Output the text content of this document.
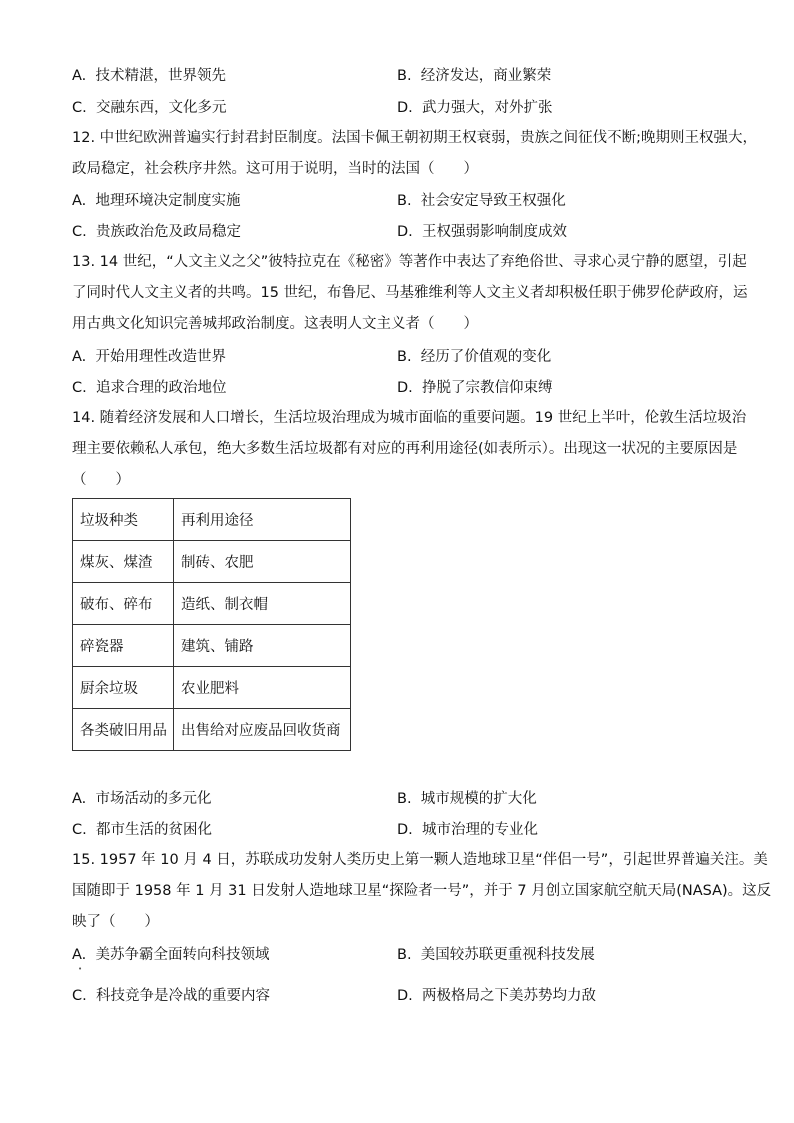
A. 技术精湛，世界领先	B. 经济发达，商业繁荣
C. 交融东西，文化多元	D. 武力强大，对外扩张
12. 中世纪欧洲普遍实行封君封臣制度。法国卡佩王朝初期王权衰弱，贵族之间征伐不断;晚期则王权强大，
政局稳定，社会秩序井然。这可用于说明，当时的法国（　　）
A. 地理环境决定制度实施	B. 社会安定导致王权强化
C. 贵族政治危及政局稳定	D. 王权强弱影响制度成效
13. 14 世纪，“人文主义之父”彼特拉克在《秘密》等著作中表达了弃绝俗世、寻求心灵宁静的愿望，引起
了同时代人文主义者的共鸣。15 世纪，布鲁尼、马基雅维利等人文主义者却积极任职于佛罗伦萨政府，运
用古典文化知识完善城邦政治制度。这表明人文主义者（　　）
A. 开始用理性改造世界	B. 经历了价值观的变化
C. 追求合理的政治地位	D. 挣脱了宗教信仰束缚
14. 随着经济发展和人口增长，生活垃圾治理成为城市面临的重要问题。19 世纪上半叶，伦敦生活垃圾治
理主要依赖私人承包，绝大多数生活垃圾都有对应的再利用途径(如表所示）。出现这一状况的主要原因是
（　　）
垃圾种类	再利用途径
煤灰、煤渣	制砖、农肥
破布、碎布	造纸、制衣帽
碎瓷器	建筑、铺路
厨余垃圾	农业肥料
各类破旧用品	出售给对应废品回收货商
A. 市场活动的多元化	B. 城市规模的扩大化
C. 都市生活的贫困化	D. 城市治理的专业化
15. 1957 年 10 月 4 日，苏联成功发射人类历史上第一颗人造地球卫星“伴侣一号”，引起世界普遍关注。美
国随即于 1958 年 1 月 31 日发射人造地球卫星“探险者一号”，并于 7 月创立国家航空航天局(NASA)。这反
映了（　　）
A. 美苏争霸全面转向科技领域	B. 美国较苏联更重视科技发展
•
C. 科技竞争是冷战的重要内容	D. 两极格局之下美苏势均力敌
